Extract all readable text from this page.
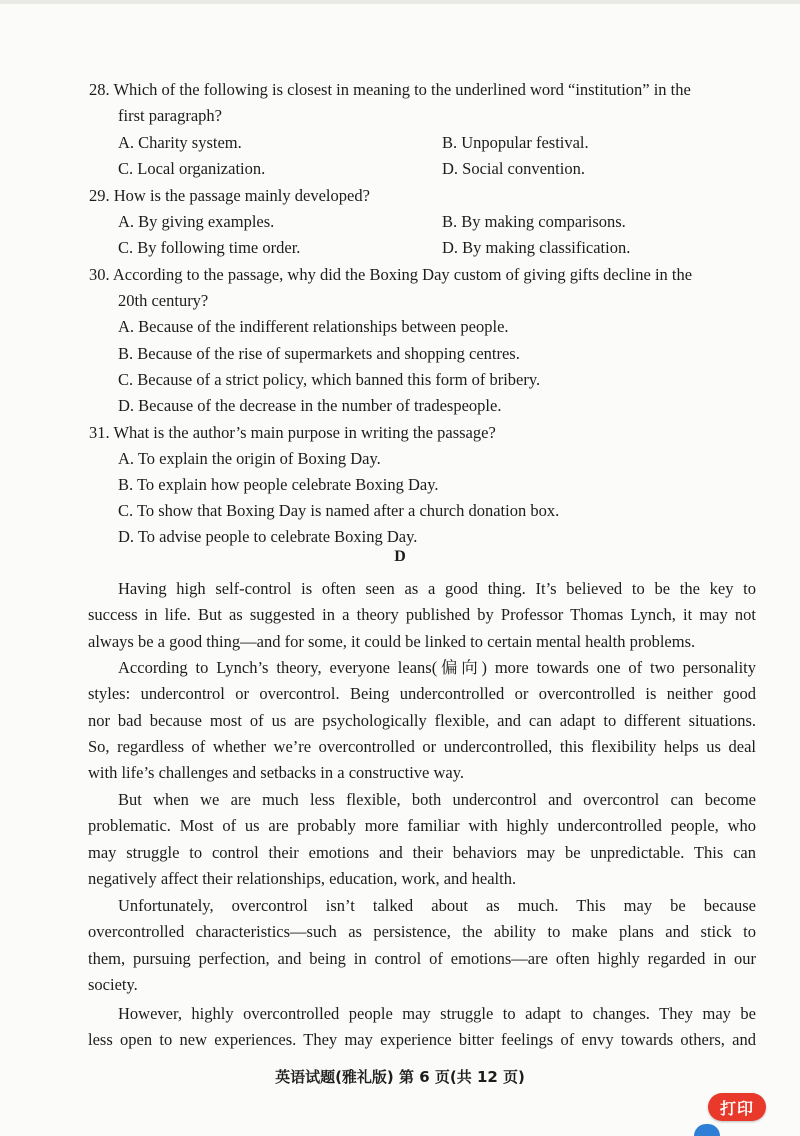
28. Which of the following is closest in meaning to the underlined word “institution” in the
first paragraph?
A. Charity system.	B. Unpopular festival.
C. Local organization.	D. Social convention.
29. How is the passage mainly developed?
A. By giving examples.	B. By making comparisons.
C. By following time order.	D. By making classification.
30. According to the passage, why did the Boxing Day custom of giving gifts decline in the
20th century?
A. Because of the indifferent relationships between people.
B. Because of the rise of supermarkets and shopping centres.
C. Because of a strict policy, which banned this form of bribery.
D. Because of the decrease in the number of tradespeople.
31. What is the author’s main purpose in writing the passage?
A. To explain the origin of Boxing Day.
B. To explain how people celebrate Boxing Day.
C. To show that Boxing Day is named after a church donation box.
D. To advise people to celebrate Boxing Day.
D
Having high self-control is often seen as a good thing. It’s believed to be the key to
success in life. But as suggested in a theory published by Professor Thomas Lynch, it may not
always be a good thing—and for some, it could be linked to certain mental health problems.
According to Lynch’s theory, everyone leans(偏向) more towards one of two personality
styles: undercontrol or overcontrol. Being undercontrolled or overcontrolled is neither good
nor bad because most of us are psychologically flexible, and can adapt to different situations.
So, regardless of whether we’re overcontrolled or undercontrolled, this flexibility helps us deal
with life’s challenges and setbacks in a constructive way.
But when we are much less flexible, both undercontrol and overcontrol can become
problematic. Most of us are probably more familiar with highly undercontrolled people, who
may struggle to control their emotions and their behaviors may be unpredictable. This can
negatively affect their relationships, education, work, and health.
Unfortunately, overcontrol isn’t talked about as much. This may be because
overcontrolled characteristics—such as persistence, the ability to make plans and stick to
them, pursuing perfection, and being in control of emotions—are often highly regarded in our
society.
However, highly overcontrolled people may struggle to adapt to changes. They may be
less open to new experiences. They may experience bitter feelings of envy towards others, and
英语试题(雅礼版) 第 6 页(共 12 页)
打印
